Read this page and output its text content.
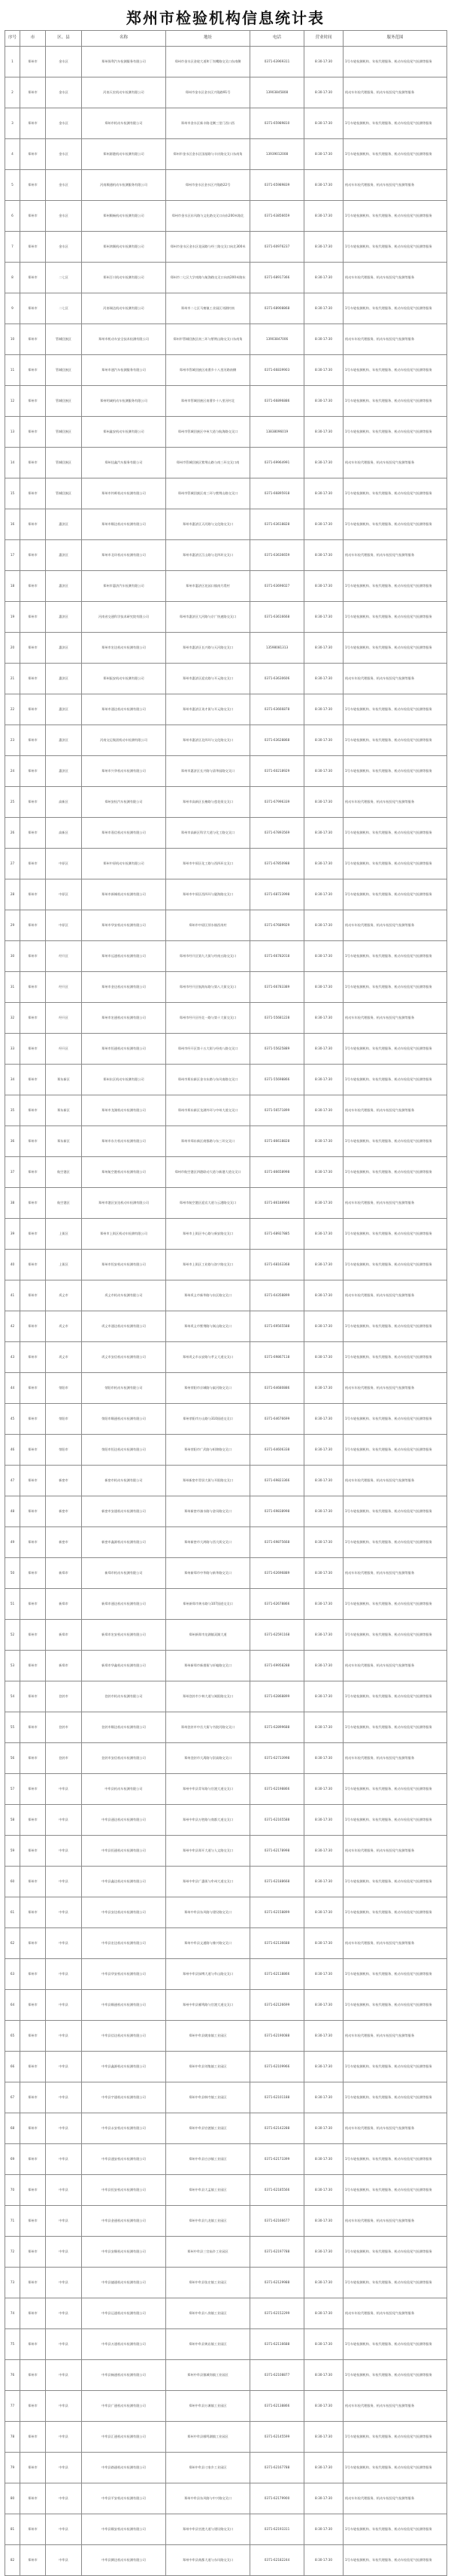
郑州市检验机构信息统计表
序号	市	区、县	名称	地址	电话	营业时间	服务范围
1	郑州市	金水区	郑州保利汽车检测服务有限公司	郑州市金水区金轮大道和丁岗嘴路交叉口东南侧	0371-63969311	8:30-17:30	1号车轮检测机构、年检代理服务、机动车检验尾气检测等服务
2	郑州市	金水区	河南天宏机动车检测有限公司	郑州市金水区金水区兴隆路91号	13903845808	8:30-17:30	机动车年检代理服务、机动车检验尾气检测等服务
3	郑州市	金水区	郑州市机动车检测有限公司	郑州市金水区新丰路北侧三里门西口西	0371-65989810	8:30-17:30	1号车轮检测机构、年检代理服务、机动车检验尾气检测等服务
4	郑州市	金水区	郑州源港机动车检测有限公司	郑州市金水区金水区国基路与丰庆路交叉口东南角	13939012008	8:30-17:30	1号车轮检测机构、年检代理服务、机动车检验尾气检测等服务
5	郑州市	金水区	河南顺通机动车检测服务有限公司	郑州市金水区金水区兴隆路22号	0371-65989839	8:30-17:30	机动车年检代理服务、机动车检验尾气检测等服务
6	郑州市	金水区	郑州顺畅机动车检测有限公司	郑州市金水区东风路与文化路交叉口向东200米路北	0371-63856659	8:30-17:30	1号车轮检测机构、年检代理服务、机动车检验尾气检测等服务
7	郑州市	金水区	郑州鸿顺机动车检测有限公司	郑州市金水区金水区花园路与经三路交叉口向北300米	0371-60976237	8:30-17:30	1号车轮检测机构、年检代理服务、机动车检验尾气检测等服务
8	郑州市	二七区	郑州百川机动车检测有限公司	郑州市二七区大学南路与航海路交叉口向南200米路东	0371-68917366	8:30-17:30	机动车年检代理服务、机动车检验尾气检测等服务
9	郑州市	二七区	河南瑞达机动车检测有限公司	郑州市二七区马寨镇工业园区刘湖村南	0371-68908868	8:30-17:30	1号车轮检测机构、年检代理服务、机动车检验尾气检测等服务
10	郑州市	管城回族区	郑州市机动车安全技术检测有限公司	郑州市管城回族区南三环与紫荆山路交叉口东南角	13903847006	8:30-17:30	机动车年检代理服务、机动车检验尾气检测等服务
11	郑州市	管城回族区	郑州市通汽车检测服务有限公司	郑州市管城回族区南曹乡十八里河路南侧	0371-66839903	8:30-17:30	1号车轮检测机构、年检代理服务、机动车检验尾气检测等服务
12	郑州市	管城回族区	郑州明诚机动车检测服务有限公司	郑州市管城回族区南曹乡十八里河村北	0371-66896886	8:30-17:30	1号车轮检测机构、年检代理服务、机动车检验尾气检测等服务
13	郑州市	管城回族区	郑州鑫安机动车检测有限公司	郑州市管城回族区中州大道与航海路交叉口	13838096019	8:30-17:30	1号车轮检测机构、年检代理服务、机动车检验尾气检测等服务
14	郑州市	管城回族区	郑州佳鑫汽车服务有限公司	郑州市管城回族区紫荆山路与南三环交叉口南	0371-69964991	8:30-17:30	机动车年检代理服务、机动车检验尾气检测等服务
15	郑州市	管城回族区	郑州市钧晖机动车检测有限公司	郑州市管城回族区南三环与紫荆山路交叉口	0371-66895918	8:30-17:30	1号车轮检测机构、年检代理服务、机动车检验尾气检测等服务
16	郑州市	惠济区	郑州市顺达机动车检测有限公司	郑州市惠济区天河路与文化路交叉口	0371-63618828	8:30-17:30	1号车轮检测机构、年检代理服务、机动车检验尾气检测等服务
17	郑州市	惠济区	郑州市北环机动车检测有限公司	郑州市惠济区江山路与北四环交叉口	0371-63636659	8:30-17:30	机动车年检代理服务、机动车检验尾气检测等服务
18	郑州市	惠济区	郑州市惠济汽车检测有限公司	郑州市惠济区花园口镇南月堤村	0371-63696027	8:30-17:30	1号车轮检测机构、年检代理服务、机动车检验尾气检测等服务
19	郑州市	惠济区	河南省交通科学技术研究院有限公司	郑州市惠济区大河路与京广快速路交叉口	0371-63616668	8:30-17:30	1号车轮检测机构、年检代理服务、机动车检验尾气检测等服务
20	郑州市	惠济区	郑州市宏达机动车检测有限公司	郑州市惠济区长兴路与天河路交叉口	13598081313	8:30-17:30	1号车轮检测机构、年检代理服务、机动车检验尾气检测等服务
21	郑州市	惠济区	郑州振安机动车检测有限公司	郑州市惠济区迎宾路与开元路交叉口	0371-63630606	8:30-17:30	机动车年检代理服务、机动车检验尾气检测等服务
22	郑州市	惠济区	郑州市通达机动车检测有限公司	郑州市惠济区英才街与开元路交叉口	0371-63666878	8:30-17:30	1号车轮检测机构、年检代理服务、机动车检验尾气检测等服务
23	郑州市	惠济区	河南交运集团机动车检测有限公司	郑州市惠济区北四环与文化路交叉口	0371-63628868	8:30-17:30	1号车轮检测机构、年检代理服务、机动车检验尾气检测等服务
24	郑州市	惠济区	郑州市兴华机动车检测有限公司	郑州市惠济区长兴路与清华园路交叉口	0371-60218929	8:30-17:30	1号车轮检测机构、年检代理服务、机动车检验尾气检测等服务
25	郑州市	高新区	郑州安检汽车检测有限公司	郑州市高新区长椿路与莲花街交叉口	0371-67996339	8:30-17:30	机动车年检代理服务、机动车检验尾气检测等服务
26	郑州市	高新区	郑州市嘉信机动车检测有限公司	郑州市高新区科学大道与化工路交叉口	0371-67893569	8:30-17:30	1号车轮检测机构、年检代理服务、机动车检验尾气检测等服务
27	郑州市	中原区	郑州中原机动车检测有限公司	郑州市中原区化工路与西四环交叉口	0371-67850988	8:30-17:30	1号车轮检测机构、年检代理服务、机动车检验尾气检测等服务
28	郑州市	中原区	郑州市新城机动车检测有限公司	郑州市中原区西四环与陇海路交叉口	0371-68723998	8:30-17:30	1号车轮检测机构、年检代理服务、机动车检验尾气检测等服务
29	郑州市	中原区	郑州市华安机动车检测有限公司	郑州市中原区须水镇西岗村	0371-67689929	8:30-17:30	机动车年检代理服务、机动车检验尾气检测等服务
30	郑州市	经开区	郑州市远通机动车检测有限公司	郑州市经开区第九大街与经南五路交叉口	0371-66782018	8:30-17:30	1号车轮检测机构、年检代理服务、机动车检验尾气检测等服务
31	郑州市	经开区	郑州市金达机动车检测有限公司	郑州市经开区航海东路与第八大街交叉口	0371-66783389	8:30-17:30	1号车轮检测机构、年检代理服务、机动车检验尾气检测等服务
32	郑州市	经开区	郑州市宏通机动车检测有限公司	郑州市经开区经北一路与第十大街交叉口	0371-55681228	8:30-17:30	机动车年检代理服务、机动车检验尾气检测等服务
33	郑州市	经开区	郑州市恒通机动车检测有限公司	郑州市经开区第十五大街与经南八路交叉口	0371-55625889	8:30-17:30	1号车轮检测机构、年检代理服务、机动车检验尾气检测等服务
34	郑州市	郑东新区	郑州东区机动车检测有限公司	郑州市郑东新区金水东路与东风南路交叉口	0371-55698866	8:30-17:30	1号车轮检测机构、年检代理服务、机动车检验尾气检测等服务
35	郑州市	郑东新区	郑州市龙湖机动车检测有限公司	郑州市郑东新区龙湖外环与中州大道交叉口	0371-56571899	8:30-17:30	机动车年检代理服务、机动车检验尾气检测等服务
36	郑州市	郑东新区	郑州市东方机动车检测有限公司	郑州市郑东新区商都路与东三环交叉口	0371-86618828	8:30-17:30	1号车轮检测机构、年检代理服务、机动车检验尾气检测等服务
37	郑州市	航空港区	郑州航空港机动车检测有限公司	郑州市航空港区四港联动大道与新港大道交叉口	0371-86658998	8:30-17:30	1号车轮检测机构、年检代理服务、机动车检验尾气检测等服务
38	郑州市	航空港区	郑州市港区安达机动车检测有限公司	郑州市航空港区迎宾大道与云港路交叉口	0371-86188966	8:30-17:30	机动车年检代理服务、机动车检验尾气检测等服务
39	郑州市	上街区	郑州市上街区机动车检测有限公司	郑州市上街区中心路与新安路交叉口	0371-68927885	8:30-17:30	1号车轮检测机构、年检代理服务、机动车检验尾气检测等服务
40	郑州市	上街区	郑州市恒安机动车检测有限公司	郑州市上街区工业路与洛宁路交叉口	0371-68163368	8:30-17:30	1号车轮检测机构、年检代理服务、机动车检验尾气检测等服务
41	郑州市	巩义市	巩义市机动车检测有限公司	郑州巩义市新华路与东区路交叉口	0371-64358899	8:30-17:30	机动车年检代理服务、机动车检验尾气检测等服务
42	郑州市	巩义市	巩义市通达机动车检测有限公司	郑州巩义市紫荆路与嵩山路交叉口	0371-69565588	8:30-17:30	1号车轮检测机构、年检代理服务、机动车检验尾气检测等服务
43	郑州市	巩义市	巩义市安信机动车检测有限公司	郑州巩义市永安路与孝义大道交叉口	0371-69867118	8:30-17:30	1号车轮检测机构、年检代理服务、机动车检验尾气检测等服务
44	郑州市	荥阳市	荥阳市机动车检测有限公司	郑州荥阳市京城路与索河路交叉口	0371-64680886	8:30-17:30	机动车年检代理服务、机动车检验尾气检测等服务
45	郑州市	荥阳市	荥阳市顺通机动车检测有限公司	郑州荥阳市万山路与310国道交叉口	0371-64676699	8:30-17:30	1号车轮检测机构、年检代理服务、机动车检验尾气检测等服务
46	郑州市	荥阳市	荥阳市恒达机动车检测有限公司	郑州荥阳市广武路与织锦路交叉口	0371-64606338	8:30-17:30	1号车轮检测机构、年检代理服务、机动车检验尾气检测等服务
47	郑州市	新密市	新密市机动车检测有限公司	郑州新密市青屏大街与开阳路交叉口	0371-69823366	8:30-17:30	机动车年检代理服务、机动车检验尾气检测等服务
48	郑州市	新密市	新密市安通机动车检测有限公司	郑州新密市溱水路与金凤路交叉口	0371-69838998	8:30-17:30	1号车轮检测机构、年检代理服务、机动车检验尾气检测等服务
49	郑州市	新密市	新密市鑫源机动车检测有限公司	郑州新密市大鸿路与西大街交叉口	0371-69875668	8:30-17:30	1号车轮检测机构、年检代理服务、机动车检验尾气检测等服务
50	郑州市	新郑市	新郑市机动车检测有限公司	郑州新郑市中华路与新华路交叉口	0371-62696889	8:30-17:30	机动车年检代理服务、机动车检验尾气检测等服务
51	郑州市	新郑市	新郑市通达机动车检测有限公司	郑州新郑市黄水路与107国道交叉口	0371-62678866	8:30-17:30	1号车轮检测机构、年检代理服务、机动车检验尾气检测等服务
52	郑州市	新郑市	新郑市宏安机动车检测有限公司	郑州新郑市龙湖镇双湖大道	0371-62591168	8:30-17:30	1号车轮检测机构、年检代理服务、机动车检验尾气检测等服务
53	郑州市	新郑市	新郑市华鑫机动车检测有限公司	郑州新郑市新烟街与轩辕路交叉口	0371-69958288	8:30-17:30	机动车年检代理服务、机动车检验尾气检测等服务
54	郑州市	登封市	登封市机动车检测有限公司	郑州登封市少林大道与嵩阳路交叉口	0371-62868899	8:30-17:30	1号车轮检测机构、年检代理服务、机动车检验尾气检测等服务
55	郑州市	登封市	登封市顺达机动车检测有限公司	郑州登封市中岳大街与书院河路交叉口	0371-62899688	8:30-17:30	1号车轮检测机构、年检代理服务、机动车检验尾气检测等服务
56	郑州市	登封市	登封市安信机动车检测有限公司	郑州登封市大禹路与崇高路交叉口	0371-62733998	8:30-17:30	机动车年检代理服务、机动车检验尾气检测等服务
57	郑州市	中牟县	中牟县机动车检测有限公司	郑州中牟县青年路与官渡大道交叉口	0371-62198866	8:30-17:30	1号车轮检测机构、年检代理服务、机动车检验尾气检测等服务
58	郑州市	中牟县	中牟县通达机动车检测有限公司	郑州中牟县万胜路与商都大道交叉口	0371-62165588	8:30-17:30	1号车轮检测机构、年检代理服务、机动车检验尾气检测等服务
59	郑州市	中牟县	中牟县恒通机动车检测有限公司	郑州中牟县郑开大道与人文路交叉口	0371-62178998	8:30-17:30	机动车年检代理服务、机动车检验尾气检测等服务
60	郑州市	中牟县	中牟县鑫达机动车检测有限公司	郑州中牟县广惠街与牟州大道交叉口	0371-62188668	8:30-17:30	1号车轮检测机构、年检代理服务、机动车检验尾气检测等服务
61	郑州市	中牟县	中牟县安达机动车检测有限公司	郑州中牟县东风路与建设路交叉口	0371-62158899	8:30-17:30	1号车轮检测机构、年检代理服务、机动车检验尾气检测等服务
62	郑州市	中牟县	中牟县宏达机动车检测有限公司	郑州中牟县文通路与豫兴路交叉口	0371-62136688	8:30-17:30	机动车年检代理服务、机动车检验尾气检测等服务
63	郑州市	中牟县	中牟县华安机动车检测有限公司	郑州中牟县绿博大道与牟山路交叉口	0371-62118866	8:30-17:30	1号车轮检测机构、年检代理服务、机动车检验尾气检测等服务
64	郑州市	中牟县	中牟县顺通机动车检测有限公司	郑州中牟县雁鸣路与官渡大道交叉口	0371-62126699	8:30-17:30	1号车轮检测机构、年检代理服务、机动车检验尾气检测等服务
65	郑州市	中牟县	中牟县信达机动车检测有限公司	郑州中牟县姚家镇工业园区	0371-62190088	8:30-17:30	机动车年检代理服务、机动车检验尾气检测等服务
66	郑州市	中牟县	中牟县鑫源机动车检测有限公司	郑州中牟县刘集镇工业园区	0371-62109966	8:30-17:30	1号车轮检测机构、年检代理服务、机动车检验尾气检测等服务
67	郑州市	中牟县	中牟县宇通机动车检测有限公司	郑州中牟县韩寺镇工业园区	0371-62101188	8:30-17:30	1号车轮检测机构、年检代理服务、机动车检验尾气检测等服务
68	郑州市	中牟县	中牟县永安机动车检测有限公司	郑州中牟县官渡镇工业园区	0371-62142288	8:30-17:30	机动车年检代理服务、机动车检验尾气检测等服务
69	郑州市	中牟县	中牟县通安机动车检测有限公司	郑州中牟县白沙镇工业园区	0371-62173399	8:30-17:30	1号车轮检测机构、年检代理服务、机动车检验尾气检测等服务
70	郑州市	中牟县	中牟县恒安机动车检测有限公司	郑州中牟县大孟镇工业园区	0371-62185566	8:30-17:30	1号车轮检测机构、年检代理服务、机动车检验尾气检测等服务
71	郑州市	中牟县	中牟县金通机动车检测有限公司	郑州中牟县九龙镇工业园区	0371-62166677	8:30-17:30	机动车年检代理服务、机动车检验尾气检测等服务
72	郑州市	中牟县	中牟县安顺机动车检测有限公司	郑州中牟县三官庙乡工业园区	0371-62197788	8:30-17:30	1号车轮检测机构、年检代理服务、机动车检验尾气检测等服务
73	郑州市	中牟县	中牟县捷通机动车检测有限公司	郑州中牟县张庄镇工业园区	0371-62129988	8:30-17:30	1号车轮检测机构、年检代理服务、机动车检验尾气检测等服务
74	郑州市	中牟县	中牟县运通机动车检测有限公司	郑州中牟县八岗镇工业园区	0371-62152299	8:30-17:30	机动车年检代理服务、机动车检验尾气检测等服务
75	郑州市	中牟县	中牟县万通机动车检测有限公司	郑州中牟县黄店镇工业园区	0371-62116688	8:30-17:30	1号车轮检测机构、年检代理服务、机动车检验尾气检测等服务
76	郑州市	中牟县	中牟县畅通机动车检测有限公司	郑州中牟县狼城岗镇工业园区	0371-62108877	8:30-17:30	1号车轮检测机构、年检代理服务、机动车检验尾气检测等服务
77	郑州市	中牟县	中牟县广通机动车检测有限公司	郑州中牟县万滩镇工业园区	0371-62138866	8:30-17:30	机动车年检代理服务、机动车检验尾气检测等服务
78	郑州市	中牟县	中牟县汇通机动车检测有限公司	郑州中牟县雁鸣湖镇工业园区	0371-62145599	8:30-17:30	1号车轮检测机构、年检代理服务、机动车检验尾气检测等服务
79	郑州市	中牟县	中牟县路通机动车检测有限公司	郑州中牟县刁家乡工业园区	0371-62167788	8:30-17:30	1号车轮检测机构、年检代理服务、机动车检验尾气检测等服务
80	郑州市	中牟县	中牟县平安机动车检测有限公司	郑州中牟县东风路与中兴路交叉口	0371-62179900	8:30-17:30	机动车年检代理服务、机动车检验尾气检测等服务
81	郑州市	中牟县	中牟县顺安机动车检测有限公司	郑州中牟县官渡大道与建设路交叉口	0371-62193311	8:30-17:30	1号车轮检测机构、年检代理服务、机动车检验尾气检测等服务
82	郑州市	中牟县	中牟县腾达机动车检测有限公司	郑州中牟县商都大道与东风路交叉口	0371-62182244	8:30-17:30	1号车轮检测机构、年检代理服务、机动车检验尾气检测等服务
